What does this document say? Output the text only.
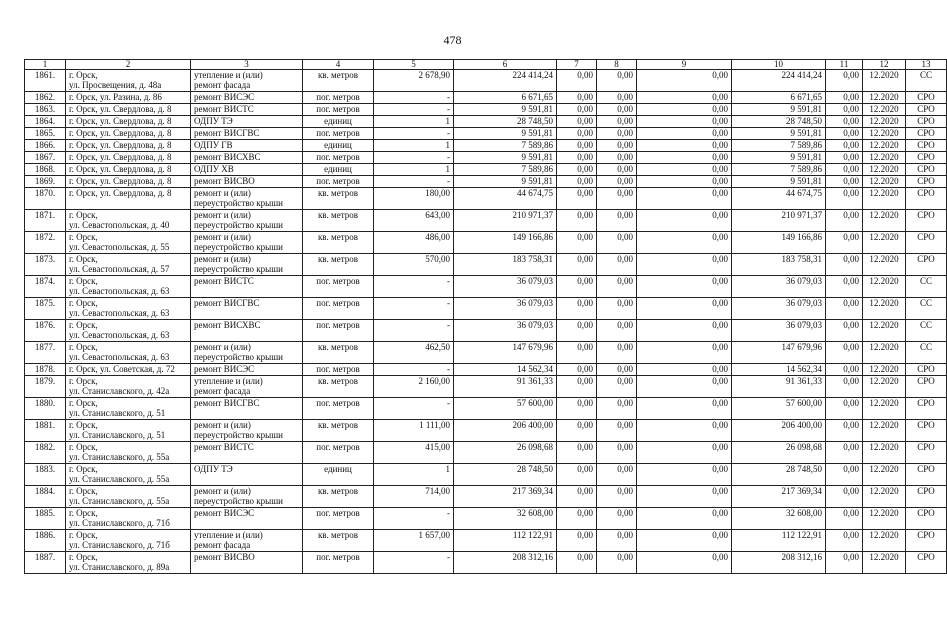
478
1	2	3	4	5	6	7	8	9	10	11	12	13
1861.	г. Орск,
ул. Просвещения, д. 48а	утепление и (или)
ремонт фасада	кв. метров	2 678,90	224 414,24	0,00	0,00	0,00	224 414,24	0,00	12.2020	СС
1862.	г. Орск, ул. Разина, д. 86	ремонт ВИСЭС	пог. метров	-	6 671,65	0,00	0,00	0,00	6 671,65	0,00	12.2020	СРО
1863.	г. Орск, ул. Свердлова, д. 8	ремонт ВИСТС	пог. метров	-	9 591,81	0,00	0,00	0,00	9 591,81	0,00	12.2020	СРО
1864.	г. Орск, ул. Свердлова, д. 8	ОДПУ ТЭ	единиц	1	28 748,50	0,00	0,00	0,00	28 748,50	0,00	12.2020	СРО
1865.	г. Орск, ул. Свердлова, д. 8	ремонт ВИСГВС	пог. метров	-	9 591,81	0,00	0,00	0,00	9 591,81	0,00	12.2020	СРО
1866.	г. Орск, ул. Свердлова, д. 8	ОДПУ ГВ	единиц	1	7 589,86	0,00	0,00	0,00	7 589,86	0,00	12.2020	СРО
1867.	г. Орск, ул. Свердлова, д. 8	ремонт ВИСХВС	пог. метров	-	9 591,81	0,00	0,00	0,00	9 591,81	0,00	12.2020	СРО
1868.	г. Орск, ул. Свердлова, д. 8	ОДПУ ХВ	единиц	1	7 589,86	0,00	0,00	0,00	7 589,86	0,00	12.2020	СРО
1869.	г. Орск, ул. Свердлова, д. 8	ремонт ВИСВО	пог. метров	-	9 591,81	0,00	0,00	0,00	9 591,81	0,00	12.2020	СРО
1870.	г. Орск, ул. Свердлова, д. 8	ремонт и (или)
переустройство крыши	кв. метров	180,00	44 674,75	0,00	0,00	0,00	44 674,75	0,00	12.2020	СРО
1871.	г. Орск,
ул. Севастопольская, д. 40	ремонт и (или)
переустройство крыши	кв. метров	643,00	210 971,37	0,00	0,00	0,00	210 971,37	0,00	12.2020	СРО
1872.	г. Орск,
ул. Севастопольская, д. 55	ремонт и (или)
переустройство крыши	кв. метров	486,00	149 166,86	0,00	0,00	0,00	149 166,86	0,00	12.2020	СРО
1873.	г. Орск,
ул. Севастопольская, д. 57	ремонт и (или)
переустройство крыши	кв. метров	570,00	183 758,31	0,00	0,00	0,00	183 758,31	0,00	12.2020	СРО
1874.	г. Орск,
ул. Севастопольская, д. 63	ремонт ВИСТС	пог. метров	-	36 079,03	0,00	0,00	0,00	36 079,03	0,00	12.2020	СС
1875.	г. Орск,
ул. Севастопольская, д. 63	ремонт ВИСГВС	пог. метров	-	36 079,03	0,00	0,00	0,00	36 079,03	0,00	12.2020	СС
1876.	г. Орск,
ул. Севастопольская, д. 63	ремонт ВИСХВС	пог. метров	-	36 079,03	0,00	0,00	0,00	36 079,03	0,00	12.2020	СС
1877.	г. Орск,
ул. Севастопольская, д. 63	ремонт и (или)
переустройство крыши	кв. метров	462,50	147 679,96	0,00	0,00	0,00	147 679,96	0,00	12.2020	СС
1878.	г. Орск, ул. Советская, д. 72	ремонт ВИСЭС	пог. метров	-	14 562,34	0,00	0,00	0,00	14 562,34	0,00	12.2020	СРО
1879.	г. Орск,
ул. Станиславского, д. 42а	утепление и (или)
ремонт фасада	кв. метров	2 160,00	91 361,33	0,00	0,00	0,00	91 361,33	0,00	12.2020	СРО
1880.	г. Орск,
ул. Станиславского, д. 51	ремонт ВИСГВС	пог. метров	-	57 600,00	0,00	0,00	0,00	57 600,00	0,00	12.2020	СРО
1881.	г. Орск,
ул. Станиславского, д. 51	ремонт и (или)
переустройство крыши	кв. метров	1 111,00	206 400,00	0,00	0,00	0,00	206 400,00	0,00	12.2020	СРО
1882.	г. Орск,
ул. Станиславского, д. 55а	ремонт ВИСТС	пог. метров	415,00	26 098,68	0,00	0,00	0,00	26 098,68	0,00	12.2020	СРО
1883.	г. Орск,
ул. Станиславского, д. 55а	ОДПУ ТЭ	единиц	1	28 748,50	0,00	0,00	0,00	28 748,50	0,00	12.2020	СРО
1884.	г. Орск,
ул. Станиславского, д. 55а	ремонт и (или)
переустройство крыши	кв. метров	714,00	217 369,34	0,00	0,00	0,00	217 369,34	0,00	12.2020	СРО
1885.	г. Орск,
ул. Станиславского, д. 71б	ремонт ВИСЭС	пог. метров	-	32 608,00	0,00	0,00	0,00	32 608,00	0,00	12.2020	СРО
1886.	г. Орск,
ул. Станиславского, д. 71б	утепление и (или)
ремонт фасада	кв. метров	1 657,00	112 122,91	0,00	0,00	0,00	112 122,91	0,00	12.2020	СРО
1887.	г. Орск,
ул. Станиславского, д. 89а	ремонт ВИСВО	пог. метров	-	208 312,16	0,00	0,00	0,00	208 312,16	0,00	12.2020	СРО
